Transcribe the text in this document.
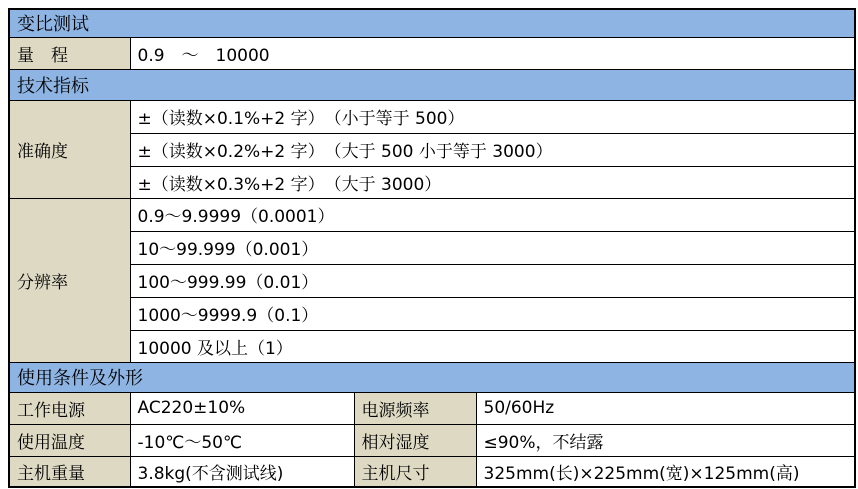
变比测试			
量　程	0.9　～　10000		
技术指标			
准确度	±（读数×0.1%+2 字）　（小于等于 500）		
	±（读数×0.2%+2 字）　（大于 500 小于等于 3000）		
	±（读数×0.3%+2 字）　（大于 3000）		
分辨率	0.9～9.9999（0.0001）		
	10～99.999（0.001）		
	100～999.99（0.01）		
	1000～9999.9（0.1）		
	10000 及以上（1）		
使用条件及外形			
工作电源	AC220±10%	电源频率	50/60Hz
使用温度	-10℃～50℃	相对湿度	≤90%，不结露
主机重量	3.8kg(不含测试线)	主机尺寸	325mm(长)×225mm(宽)×125mm(高)
